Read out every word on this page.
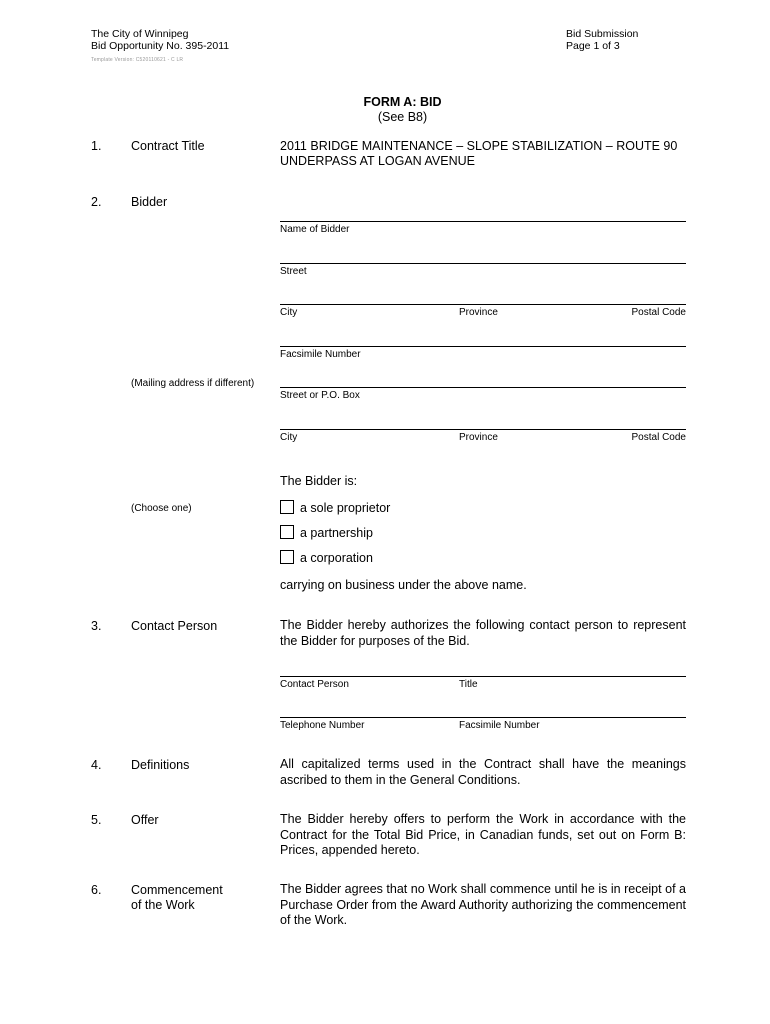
The City of Winnipeg
Bid Opportunity No. 395-2011
Template Version: C520110621 - C LR
Bid Submission
Page 1 of 3
FORM A: BID
(See B8)
1. Contract Title	2011 BRIDGE MAINTENANCE – SLOPE STABILIZATION – ROUTE 90
UNDERPASS AT LOGAN AVENUE
2. Bidder
Name of Bidder
Street
City	Province	Postal Code
Facsimile Number
(Mailing address if different)
Street or P.O. Box
City	Province	Postal Code
The Bidder is:
(Choose one)	a sole proprietor
a partnership
a corporation
carrying on business under the above name.
3. Contact Person	The Bidder hereby authorizes the following contact person to represent the Bidder for purposes of the Bid.
Contact Person	Title
Telephone Number	Facsimile Number
4. Definitions	All capitalized terms used in the Contract shall have the meanings ascribed to them in the General Conditions.
5. Offer	The Bidder hereby offers to perform the Work in accordance with the Contract for the Total Bid Price, in Canadian funds, set out on Form B: Prices, appended hereto.
6. Commencement
of the Work
The Bidder agrees that no Work shall commence until he is in receipt of a Purchase Order from the Award Authority authorizing the commencement of the Work.
